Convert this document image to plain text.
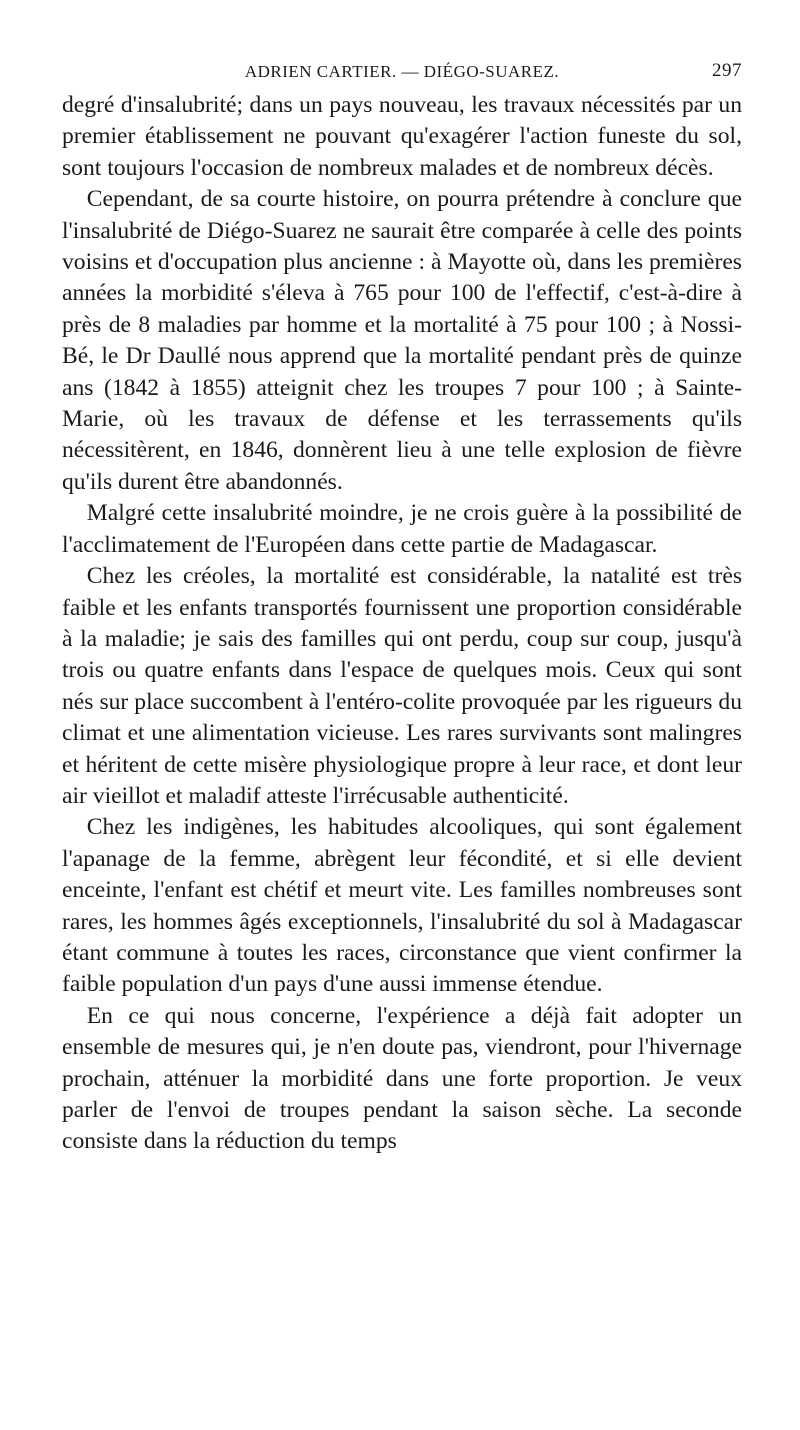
ADRIEN CARTIER. — DIÉGO-SUAREZ.	297

degré d'insalubrité; dans un pays nouveau, les travaux nécessités par un premier établissement ne pouvant qu'exagérer l'action funeste du sol, sont toujours l'occasion de nombreux malades et de nombreux décès.

Cependant, de sa courte histoire, on pourra prétendre à conclure que l'insalubrité de Diégo-Suarez ne saurait être comparée à celle des points voisins et d'occupation plus ancienne : à Mayotte où, dans les premières années la morbidité s'éleva à 765 pour 100 de l'effectif, c'est-à-dire à près de 8 maladies par homme et la mortalité à 75 pour 100 ; à Nossi-Bé, le Dr Daullé nous apprend que la mortalité pendant près de quinze ans (1842 à 1855) atteignit chez les troupes 7 pour 100 ; à Sainte-Marie, où les travaux de défense et les terrassements qu'ils nécessitèrent, en 1846, donnèrent lieu à une telle explosion de fièvre qu'ils durent être abandonnés.

Malgré cette insalubrité moindre, je ne crois guère à la possibilité de l'acclimatement de l'Européen dans cette partie de Madagascar.

Chez les créoles, la mortalité est considérable, la natalité est très faible et les enfants transportés fournissent une proportion considérable à la maladie; je sais des familles qui ont perdu, coup sur coup, jusqu'à trois ou quatre enfants dans l'espace de quelques mois. Ceux qui sont nés sur place succombent à l'entéro-colite provoquée par les rigueurs du climat et une alimentation vicieuse. Les rares survivants sont malingres et héritent de cette misère physiologique propre à leur race, et dont leur air vieillot et maladif atteste l'irrécusable authenticité.

Chez les indigènes, les habitudes alcooliques, qui sont également l'apanage de la femme, abrègent leur fécondité, et si elle devient enceinte, l'enfant est chétif et meurt vite. Les familles nombreuses sont rares, les hommes âgés exceptionnels, l'insalubrité du sol à Madagascar étant commune à toutes les races, circonstance que vient confirmer la faible population d'un pays d'une aussi immense étendue.

En ce qui nous concerne, l'expérience a déjà fait adopter un ensemble de mesures qui, je n'en doute pas, viendront, pour l'hivernage prochain, atténuer la morbidité dans une forte proportion. Je veux parler de l'envoi de troupes pendant la saison sèche. La seconde consiste dans la réduction du temps
